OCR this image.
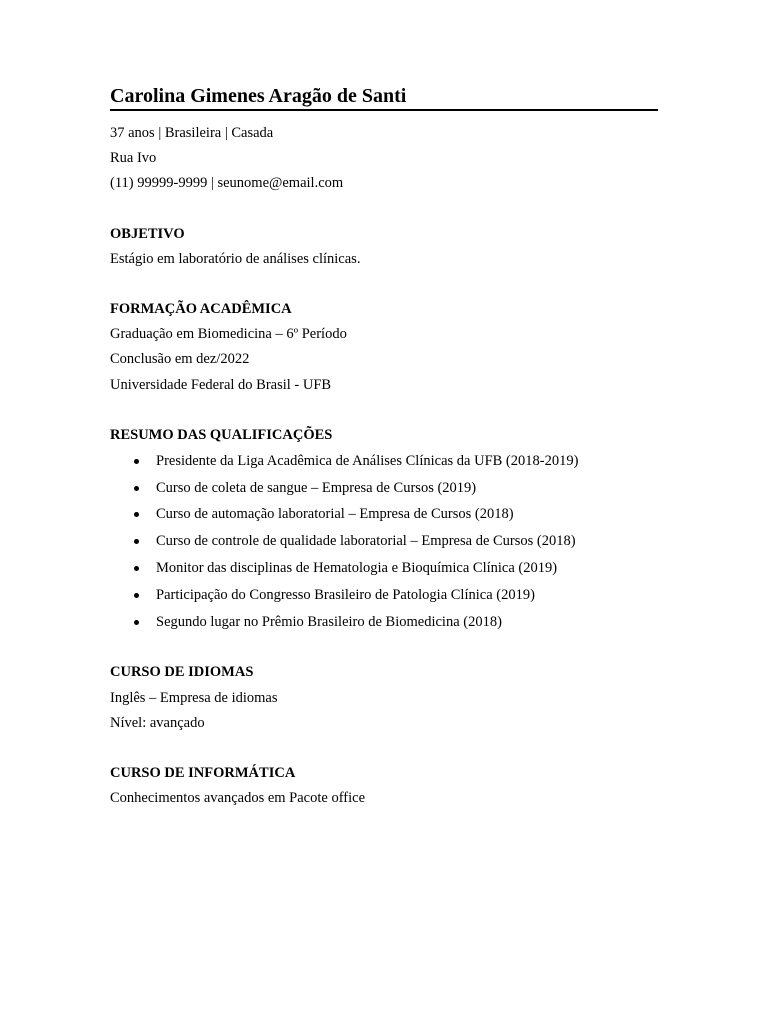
Carolina Gimenes Aragão de Santi
37 anos | Brasileira | Casada
Rua Ivo
(11) 99999-9999 | seunome@email.com
OBJETIVO
Estágio em laboratório de análises clínicas.
FORMAÇÃO ACADÊMICA
Graduação em Biomedicina – 6º Período
Conclusão em dez/2022
Universidade Federal do Brasil - UFB
RESUMO DAS QUALIFICAÇÕES
Presidente da Liga Acadêmica de Análises Clínicas da UFB (2018-2019)
Curso de coleta de sangue – Empresa de Cursos (2019)
Curso de automação laboratorial – Empresa de Cursos (2018)
Curso de controle de qualidade laboratorial – Empresa de Cursos (2018)
Monitor das disciplinas de Hematologia e Bioquímica Clínica (2019)
Participação do Congresso Brasileiro de Patologia Clínica (2019)
Segundo lugar no Prêmio Brasileiro de Biomedicina (2018)
CURSO DE IDIOMAS
Inglês – Empresa de idiomas
Nível: avançado
CURSO DE INFORMÁTICA
Conhecimentos avançados em Pacote office
